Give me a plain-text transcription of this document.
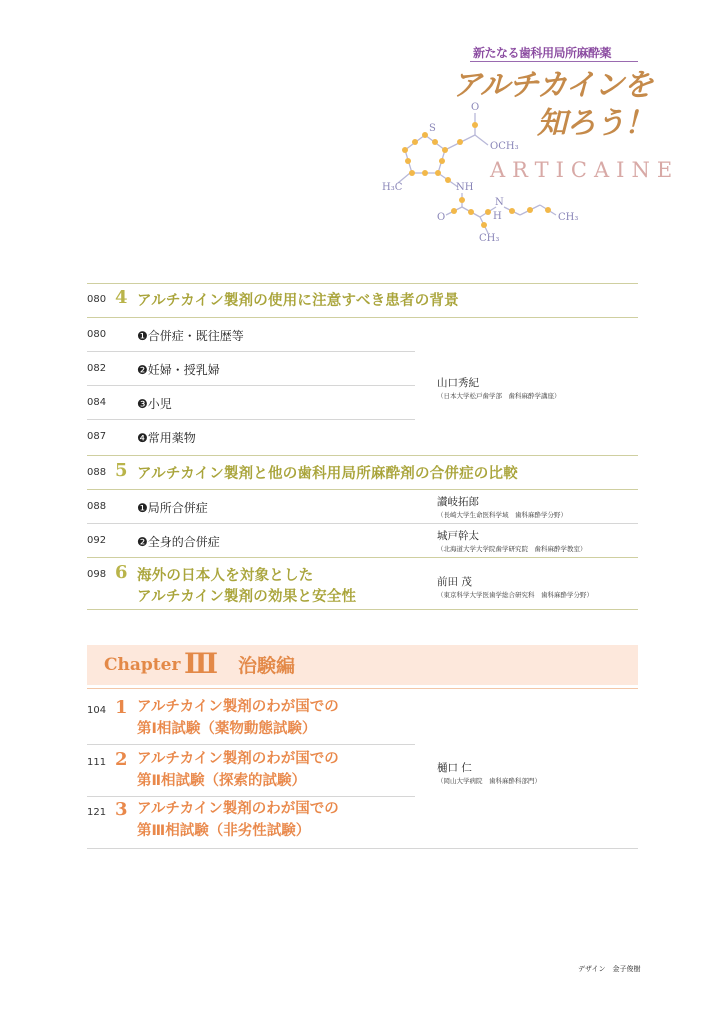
新たなる歯科用局所麻酔薬
アルチカインを
知ろう！
S
O
OCH₃
H₃C	NH
O
N
H
CH₃
CH₃
ARTICAINE
080 4 アルチカイン製剤の使用に注意すべき患者の背景
080	❶合併症・既往歴等
082	❷妊婦・授乳婦
084	❸小児
087	❹常用薬物
山口秀紀
（日本大学松戸歯学部　歯科麻酔学講座）
088 5 アルチカイン製剤と他の歯科用局所麻酔剤の合併症の比較
088	❶局所合併症	讃岐拓郎
（長崎大学生命医科学域　歯科麻酔学分野）
092	❷全身的合併症	城戸幹太
（北海道大学大学院歯学研究院　歯科麻酔学教室）
098 6 海外の日本人を対象とした
アルチカイン製剤の効果と安全性
前田 茂
（東京科学大学医歯学総合研究科　歯科麻酔学分野）
Chapter Ⅲ 治験編
104 1 アルチカイン製剤のわが国での
第Ⅰ相試験（薬物動態試験）
111 2 アルチカイン製剤のわが国での
第Ⅱ相試験（探索的試験）
121 3 アルチカイン製剤のわが国での
第Ⅲ相試験（非劣性試験）
樋口 仁
（岡山大学病院　歯科麻酔科部門）
デザイン　金子俊樹
